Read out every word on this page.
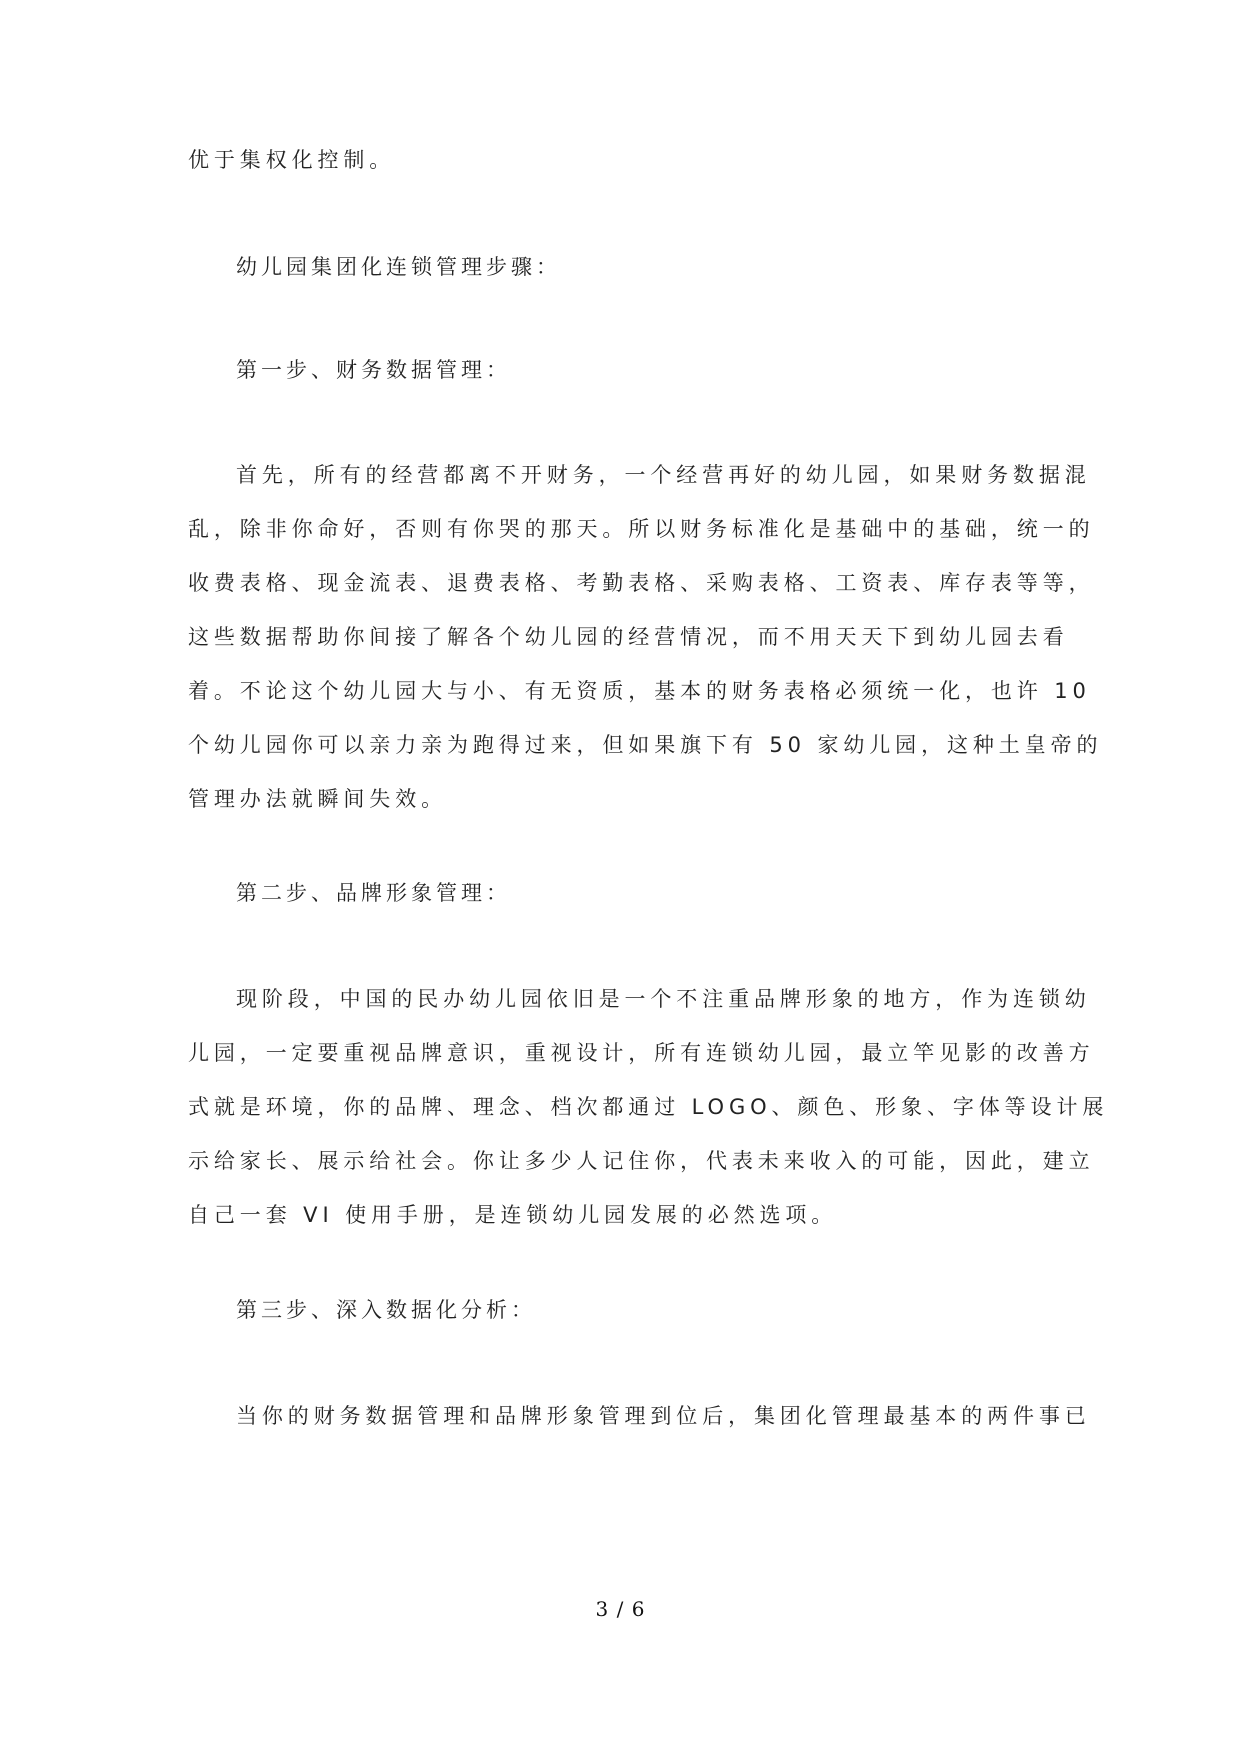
优于集权化控制。
幼儿园集团化连锁管理步骤：
第一步、财务数据管理：
首先，所有的经营都离不开财务，一个经营再好的幼儿园，如果财务数据混
乱，除非你命好，否则有你哭的那天。所以财务标准化是基础中的基础，统一的
收费表格、现金流表、退费表格、考勤表格、采购表格、工资表、库存表等等，
这些数据帮助你间接了解各个幼儿园的经营情况，而不用天天下到幼儿园去看
着。不论这个幼儿园大与小、有无资质，基本的财务表格必须统一化，也许 10
个幼儿园你可以亲力亲为跑得过来，但如果旗下有 50 家幼儿园，这种土皇帝的
管理办法就瞬间失效。
第二步、品牌形象管理：
现阶段，中国的民办幼儿园依旧是一个不注重品牌形象的地方，作为连锁幼
儿园，一定要重视品牌意识，重视设计，所有连锁幼儿园，最立竿见影的改善方
式就是环境，你的品牌、理念、档次都通过 LOGO、颜色、形象、字体等设计展
示给家长、展示给社会。你让多少人记住你，代表未来收入的可能，因此，建立
自己一套 VI 使用手册，是连锁幼儿园发展的必然选项。
第三步、深入数据化分析：
当你的财务数据管理和品牌形象管理到位后，集团化管理最基本的两件事已
3 / 6
